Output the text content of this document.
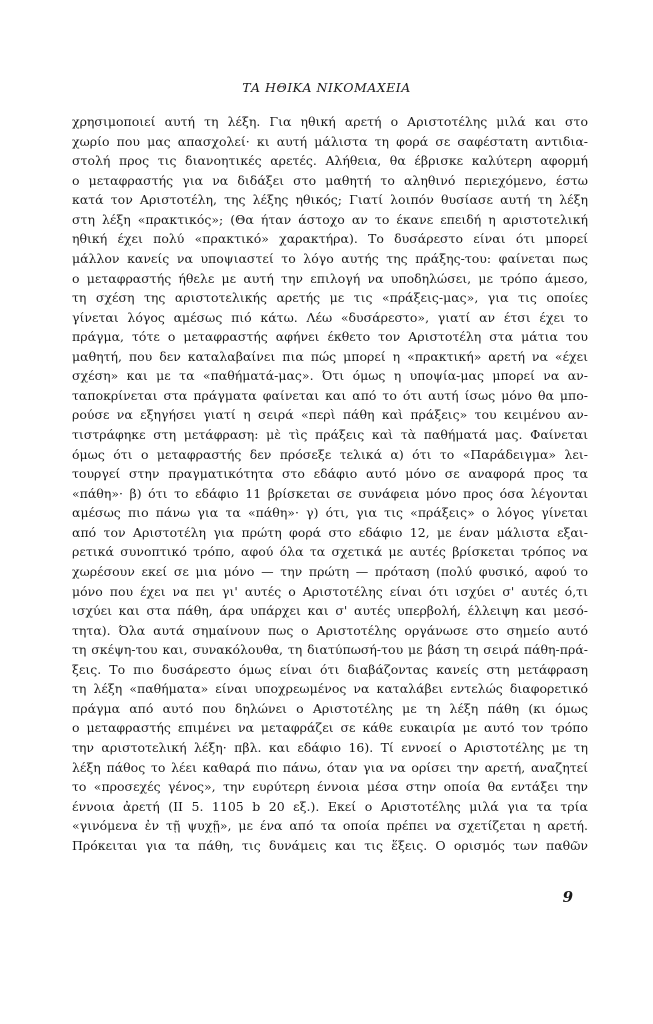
ΤΑ ΗΘΙΚΑ ΝΙΚΟΜΑΧΕΙΑ
χρησιμοποιεί αυτή τη λέξη. Για ηθική αρετή ο Αριστοτέλης μιλά και στο
χωρίο που μας απασχολεί· κι αυτή μάλιστα τη φορά σε σαφέστατη αντιδια-
στολή προς τις διανοητικές αρετές. Αλήθεια, θα έβρισκε καλύτερη αφορμή
ο μεταφραστής για να διδάξει στο μαθητή το αληθινό περιεχόμενο, έστω
κατά τον Αριστοτέλη, της λέξης ηθικός; Γιατί λοιπόν θυσίασε αυτή τη λέξη
στη λέξη «πρακτικός»; (Θα ήταν άστοχο αν το έκανε επειδή η αριστοτελική
ηθική έχει πολύ «πρακτικό» χαρακτήρα). Το δυσάρεστο είναι ότι μπορεί
μάλλον κανείς να υποψιαστεί το λόγο αυτής της πράξης-του: φαίνεται πως
ο μεταφραστής ήθελε με αυτή την επιλογή να υποδηλώσει, με τρόπο άμεσο,
τη σχέση της αριστοτελικής αρετής με τις «πράξεις-μας», για τις οποίες
γίνεται λόγος αμέσως πιό κάτω. Λέω «δυσάρεστο», γιατί αν έτσι έχει το
πράγμα, τότε ο μεταφραστής αφήνει έκθετο τον Αριστοτέλη στα μάτια του
μαθητή, που δεν καταλαβαίνει πια πώς μπορεί η «πρακτική» αρετή να «έχει
σχέση» και με τα «παθήματά-μας». Ότι όμως η υποψία-μας μπορεί να αν-
ταποκρίνεται στα πράγματα φαίνεται και από το ότι αυτή ίσως μόνο θα μπο-
ρούσε να εξηγήσει γιατί η σειρά «περὶ πάθη καὶ πράξεις» του κειμένου αν-
τιστράφηκε στη μετάφραση: μὲ τὶς πράξεις καὶ τὰ παθήματά μας. Φαίνεται
όμως ότι ο μεταφραστής δεν πρόσεξε τελικά α) ότι το «Παράδειγμα» λει-
τουργεί στην πραγματικότητα στο εδάφιο αυτό μόνο σε αναφορά προς τα
«πάθη»· β) ότι το εδάφιο 11 βρίσκεται σε συνάφεια μόνο προς όσα λέγονται
αμέσως πιο πάνω για τα «πάθη»· γ) ότι, για τις «πράξεις» ο λόγος γίνεται
από τον Αριστοτέλη για πρώτη φορά στο εδάφιο 12, με έναν μάλιστα εξαι-
ρετικά συνοπτικό τρόπο, αφού όλα τα σχετικά με αυτές βρίσκεται τρόπος να
χωρέσουν εκεί σε μια μόνο — την πρώτη — πρόταση (πολύ φυσικό, αφού το
μόνο που έχει να πει γι' αυτές ο Αριστοτέλης είναι ότι ισχύει σ' αυτές ό,τι
ισχύει και στα πάθη, άρα υπάρχει και σ' αυτές υπερβολή, έλλειψη και μεσό-
τητα). Όλα αυτά σημαίνουν πως ο Αριστοτέλης οργάνωσε στο σημείο αυτό
τη σκέψη-του και, συνακόλουθα, τη διατύπωσή-του με βάση τη σειρά πάθη-πρά-
ξεις. Το πιο δυσάρεστο όμως είναι ότι διαβάζοντας κανείς στη μετάφραση
τη λέξη «παθήματα» είναι υποχρεωμένος να καταλάβει εντελώς διαφορετικό
πράγμα από αυτό που δηλώνει ο Αριστοτέλης με τη λέξη πάθη (κι όμως
ο μεταφραστής επιμένει να μεταφράζει σε κάθε ευκαιρία με αυτό τον τρόπο
την αριστοτελική λέξη· πβλ. και εδάφιο 16). Τί εννοεί ο Αριστοτέλης με τη
λέξη πάθος το λέει καθαρά πιο πάνω, όταν για να ορίσει την αρετή, αναζητεί
το «προσεχές γένος», την ευρύτερη έννοια μέσα στην οποία θα εντάξει την
έννοια ἀρετή (ΙΙ 5. 1105 b 20 εξ.). Εκεί ο Αριστοτέλης μιλά για τα τρία
«γινόμενα ἐν τῇ ψυχῇ», με ένα από τα οποία πρέπει να σχετίζεται η αρετή.
Πρόκειται για τα πάθη, τις δυνάμεις και τις ἕξεις. Ο ορισμός των παθῶν
9
